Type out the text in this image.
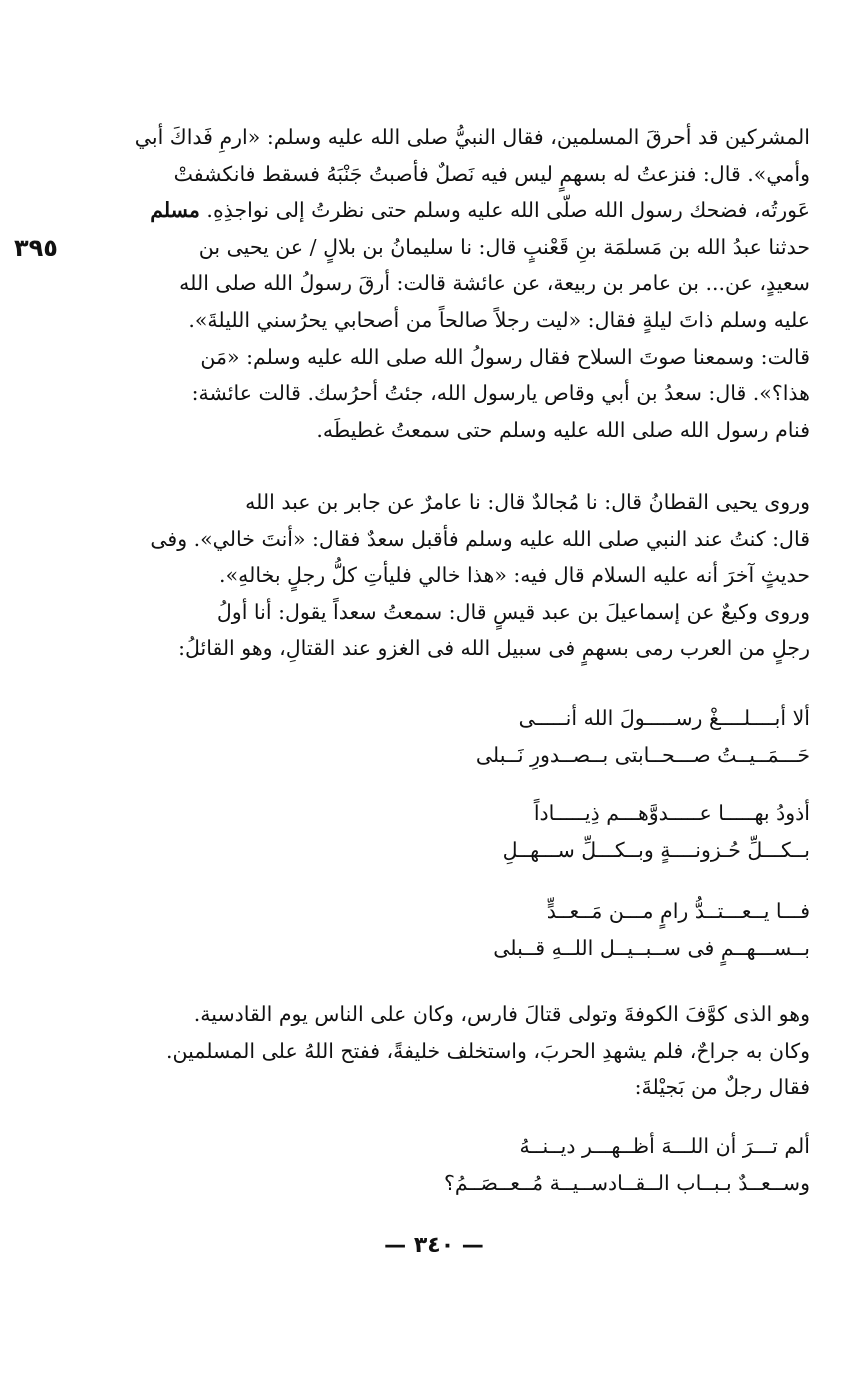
٣٩٥
المشركين قد أحرقَ المسلمين، فقال النبيُّ صلى الله عليه وسلم: «ارمِ فَداكَ أبي
وأمي». قال: فنزعتُ له بسهمٍ ليس فيه نَصلٌ فأصبتُ جَنْبَهُ فسقط فانكشفتْ
عَورتُه، فضحك رسول الله صلّى الله عليه وسلم حتى نظرتُ إلى نواجذِهِ. مسلم
حدثنا عبدُ الله بن مَسلمَة بنِ قَعْنبٍ قال: نا سليمانُ بن بلالٍ / عن يحيى بن
سعيدٍ، عن... بن عامر بن ربيعة، عن عائشة قالت: أرقَ رسولُ الله صلى الله
عليه وسلم ذاتَ ليلةٍ فقال: «ليت رجلاً صالحاً من أصحابي يحرُسني الليلةَ».
قالت: وسمعنا صوتَ السلاح فقال رسولُ الله صلى الله عليه وسلم: «مَن
هذا؟». قال: سعدُ بن أبي وقاص يارسول الله، جئتُ أحرُسك. قالت عائشة:
فنام رسول الله صلى الله عليه وسلم حتى سمعتُ غطيطَه.
وروى يحيى القطانُ قال: نا مُجالدٌ قال: نا عامرٌ عن جابر بن عبد الله
قال: كنتُ عند النبي صلى الله عليه وسلم فأقبل سعدٌ فقال: «أنتَ خالي». وفى
حديثٍ آخرَ أنه عليه السلام قال فيه: «هذا خالي فليأتِ كلُّ رجلٍ بخالهِ».
وروى وكيعٌ عن إسماعيلَ بن عبد قيسٍ قال: سمعتُ سعداً يقول: أنا أولُ
رجلٍ من العرب رمى بسهمٍ فى سبيل الله فى الغزو عند القتالِ، وهو القائلُ:
ألا أبــــلــــغْ رســـــولَ الله أنـــــى
حَـــمَــيــتُ صـــحــابتى بــصــدورِ نَــبلى
أذودُ بهـــــا عـــــدوَّهـــم ذِيـــــاداً
بــكـــلِّ حُـزونــــةٍ وبــكـــلِّ ســـهــلِ
فـــا يــعـــتــدُّ رامٍ مـــن مَــعــدٍّ
بــســـهــمٍ فى ســبــيــل اللــهِ قــبلى
وهو الذى كوَّفَ الكوفةَ وتولى قتالَ فارس، وكان على الناس يوم القادسية.
وكان به جراحٌ، فلم يشهدِ الحربَ، واستخلف خليفةً، ففتح اللهُ على المسلمين.
فقال رجلٌ من بَجيْلةَ:
ألم تـــرَ أن اللـــهَ أظــهـــر ديــنــهُ
وســعــدٌ بـبــاب الــقــادســيــة مُــعــصَــمُ؟
— ٣٤٠ —
